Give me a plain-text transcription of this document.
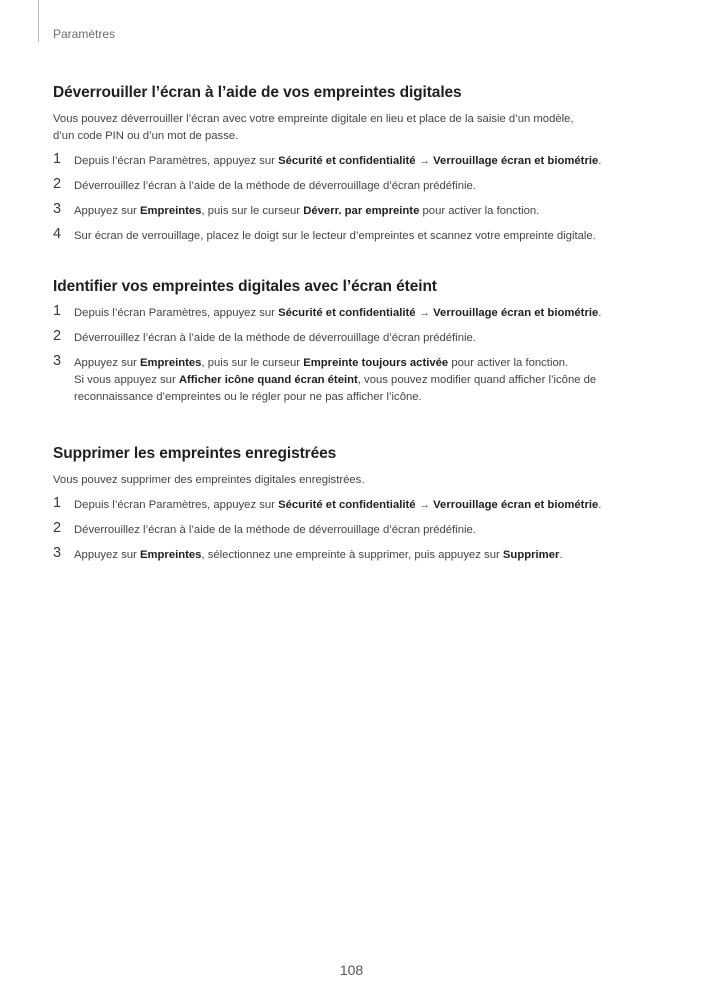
Paramètres
Déverrouiller l’écran à l’aide de vos empreintes digitales

Vous pouvez déverrouiller l’écran avec votre empreinte digitale en lieu et place de la saisie d’un modèle,
d’un code PIN ou d’un mot de passe.

1 Depuis l’écran Paramètres, appuyez sur Sécurité et confidentialité → Verrouillage écran et biométrie.
2 Déverrouillez l’écran à l’aide de la méthode de déverrouillage d’écran prédéfinie.
3 Appuyez sur Empreintes, puis sur le curseur Déverr. par empreinte pour activer la fonction.
4 Sur écran de verrouillage, placez le doigt sur le lecteur d’empreintes et scannez votre empreinte digitale.
Identifier vos empreintes digitales avec l’écran éteint
1 Depuis l’écran Paramètres, appuyez sur Sécurité et confidentialité → Verrouillage écran et biométrie.
2 Déverrouillez l’écran à l’aide de la méthode de déverrouillage d’écran prédéfinie.
3 Appuyez sur Empreintes, puis sur le curseur Empreinte toujours activée pour activer la fonction.
Si vous appuyez sur Afficher icône quand écran éteint, vous pouvez modifier quand afficher l’icône de
reconnaissance d’empreintes ou le régler pour ne pas afficher l’icône.
Supprimer les empreintes enregistrées

Vous pouvez supprimer des empreintes digitales enregistrées.

1 Depuis l’écran Paramètres, appuyez sur Sécurité et confidentialité → Verrouillage écran et biométrie.
2 Déverrouillez l’écran à l’aide de la méthode de déverrouillage d’écran prédéfinie.
3 Appuyez sur Empreintes, sélectionnez une empreinte à supprimer, puis appuyez sur Supprimer.
108
